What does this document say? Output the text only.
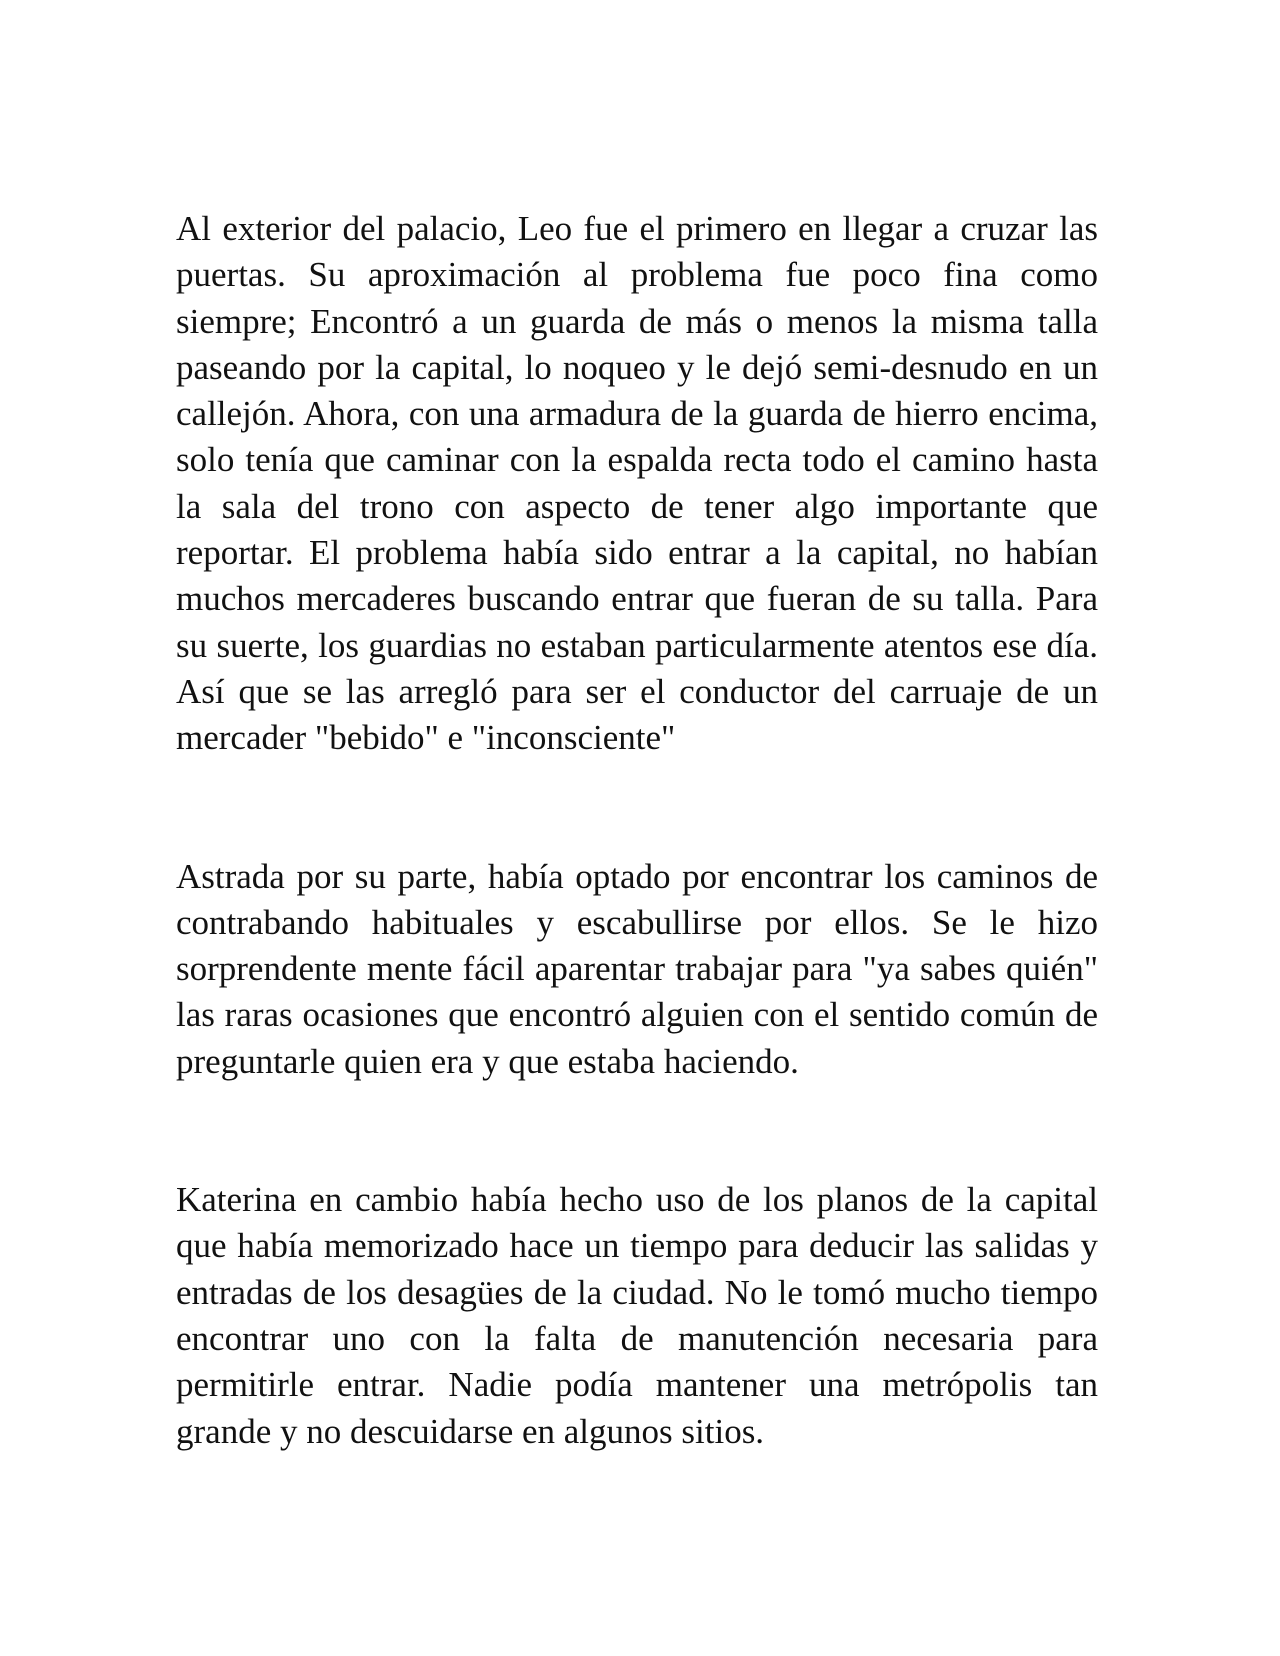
Al exterior del palacio, Leo fue el primero en llegar a cruzar las puertas. Su aproximación al problema fue poco fina como siempre; Encontró a un guarda de más o menos la misma talla paseando por la capital, lo noqueo y le dejó semi-desnudo en un callejón. Ahora, con una armadura de la guarda de hierro encima, solo tenía que caminar con la espalda recta todo el camino hasta la sala del trono con aspecto de tener algo importante que reportar. El problema había sido entrar a la capital, no habían muchos mercaderes buscando entrar que fueran de su talla. Para su suerte, los guardias no estaban particularmente atentos ese día. Así que se las arregló para ser el conductor del carruaje de un mercader "bebido" e "inconsciente"

Astrada por su parte, había optado por encontrar los caminos de contrabando habituales y escabullirse por ellos. Se le hizo sorprendente mente fácil aparentar trabajar para "ya sabes quién" las raras ocasiones que encontró alguien con el sentido común de preguntarle quien era y que estaba haciendo.

Katerina en cambio había hecho uso de los planos de la capital que había memorizado hace un tiempo para deducir las salidas y entradas de los desagües de la ciudad. No le tomó mucho tiempo encontrar uno con la falta de manutención necesaria para permitirle entrar. Nadie podía mantener una metrópolis tan grande y no descuidarse en algunos sitios.
